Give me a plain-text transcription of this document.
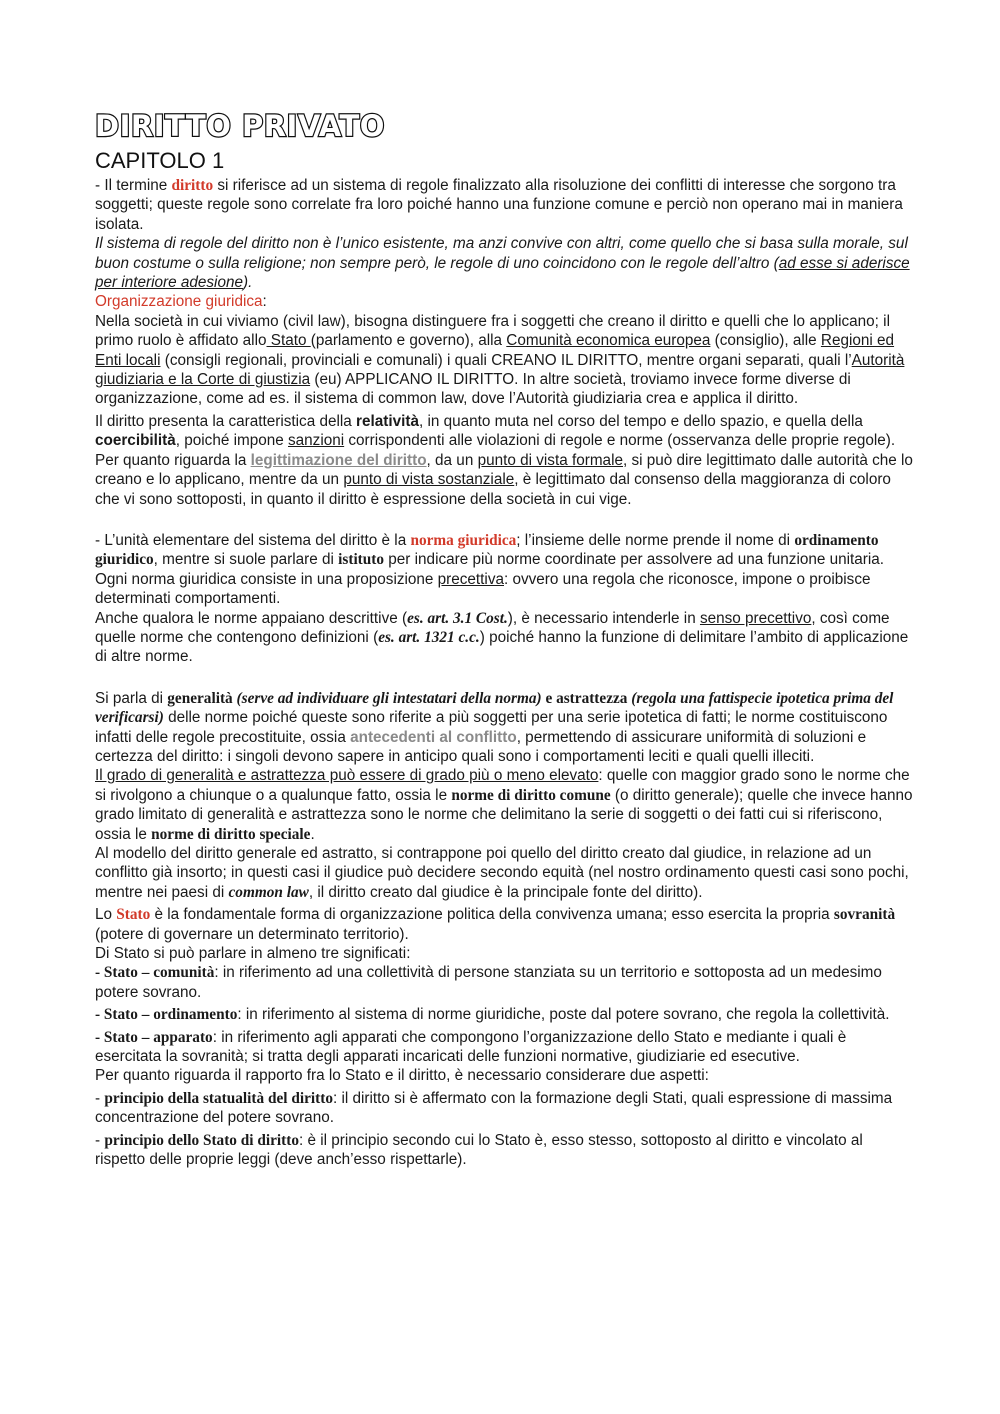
DIRITTO PRIVATO
CAPITOLO 1

- Il termine diritto si riferisce ad un sistema di regole finalizzato alla risoluzione dei conflitti di interesse che sorgono tra soggetti; queste regole sono correlate fra loro poiché hanno una funzione comune e perciò non operano mai in maniera isolata.

Il sistema di regole del diritto non è l’unico esistente, ma anzi convive con altri, come quello che si basa sulla morale, sul buon costume o sulla religione; non sempre però, le regole di uno coincidono con le regole dell’altro (ad esse si aderisce per interiore adesione).

Organizzazione giuridica:

Nella società in cui viviamo (civil law), bisogna distinguere fra i soggetti che creano il diritto e quelli che lo applicano; il primo ruolo è affidato allo Stato (parlamento e governo), alla Comunità economica europea (consiglio), alle Regioni ed Enti locali (consigli regionali, provinciali e comunali) i quali CREANO IL DIRITTO, mentre organi separati, quali l’Autorità giudiziaria e la Corte di giustizia (eu) APPLICANO IL DIRITTO. In altre società, troviamo invece forme diverse di organizzazione, come ad es. il sistema di common law, dove l’Autorità giudiziaria crea e applica il diritto.

Il diritto presenta la caratteristica della relatività, in quanto muta nel corso del tempo e dello spazio, e quella della coercibilità, poiché impone sanzioni corrispondenti alle violazioni di regole e norme (osservanza delle proprie regole). Per quanto riguarda la legittimazione del diritto, da un punto di vista formale, si può dire legittimato dalle autorità che lo creano e lo applicano, mentre da un punto di vista sostanziale, è legittimato dal consenso della maggioranza di coloro che vi sono sottoposti, in quanto il diritto è espressione della società in cui vige.

- L’unità elementare del sistema del diritto è la norma giuridica; l’insieme delle norme prende il nome di ordinamento giuridico, mentre si suole parlare di istituto per indicare più norme coordinate per assolvere ad una funzione unitaria. Ogni norma giuridica consiste in una proposizione precettiva: ovvero una regola che riconosce, impone o proibisce determinati comportamenti.

Anche qualora le norme appaiano descrittive (es. art. 3.1 Cost.), è necessario intenderle in senso precettivo, così come quelle norme che contengono definizioni (es. art. 1321 c.c.) poiché hanno la funzione di delimitare l’ambito di applicazione di altre norme.

Si parla di generalità (serve ad individuare gli intestatari della norma) e astrattezza (regola una fattispecie ipotetica prima del verificarsi) delle norme poiché queste sono riferite a più soggetti per una serie ipotetica di fatti; le norme costituiscono infatti delle regole precostituite, ossia antecedenti al conflitto, permettendo di assicurare uniformità di soluzioni e certezza del diritto: i singoli devono sapere in anticipo quali sono i comportamenti leciti e quali quelli illeciti.

Il grado di generalità e astrattezza può essere di grado più o meno elevato: quelle con maggior grado sono le norme che si rivolgono a chiunque o a qualunque fatto, ossia le norme di diritto comune (o diritto generale); quelle che invece hanno grado limitato di generalità e astrattezza sono le norme che delimitano la serie di soggetti o dei fatti cui si riferiscono, ossia le norme di diritto speciale.

Al modello del diritto generale ed astratto, si contrappone poi quello del diritto creato dal giudice, in relazione ad un conflitto già insorto; in questi casi il giudice può decidere secondo equità (nel nostro ordinamento questi casi sono pochi, mentre nei paesi di common law, il diritto creato dal giudice è la principale fonte del diritto).

Lo Stato è la fondamentale forma di organizzazione politica della convivenza umana; esso esercita la propria sovranità (potere di governare un determinato territorio).

Di Stato si può parlare in almeno tre significati:

- Stato – comunità: in riferimento ad una collettività di persone stanziata su un territorio e sottoposta ad un medesimo potere sovrano.

- Stato – ordinamento: in riferimento al sistema di norme giuridiche, poste dal potere sovrano, che regola la collettività.

- Stato – apparato: in riferimento agli apparati che compongono l’organizzazione dello Stato e mediante i quali è esercitata la sovranità; si tratta degli apparati incaricati delle funzioni normative, giudiziarie ed esecutive.

Per quanto riguarda il rapporto fra lo Stato e il diritto, è necessario considerare due aspetti:

- principio della statualità del diritto: il diritto si è affermato con la formazione degli Stati, quali espressione di massima concentrazione del potere sovrano.

- principio dello Stato di diritto: è il principio secondo cui lo Stato è, esso stesso, sottoposto al diritto e vincolato al rispetto delle proprie leggi (deve anch’esso rispettarle).
